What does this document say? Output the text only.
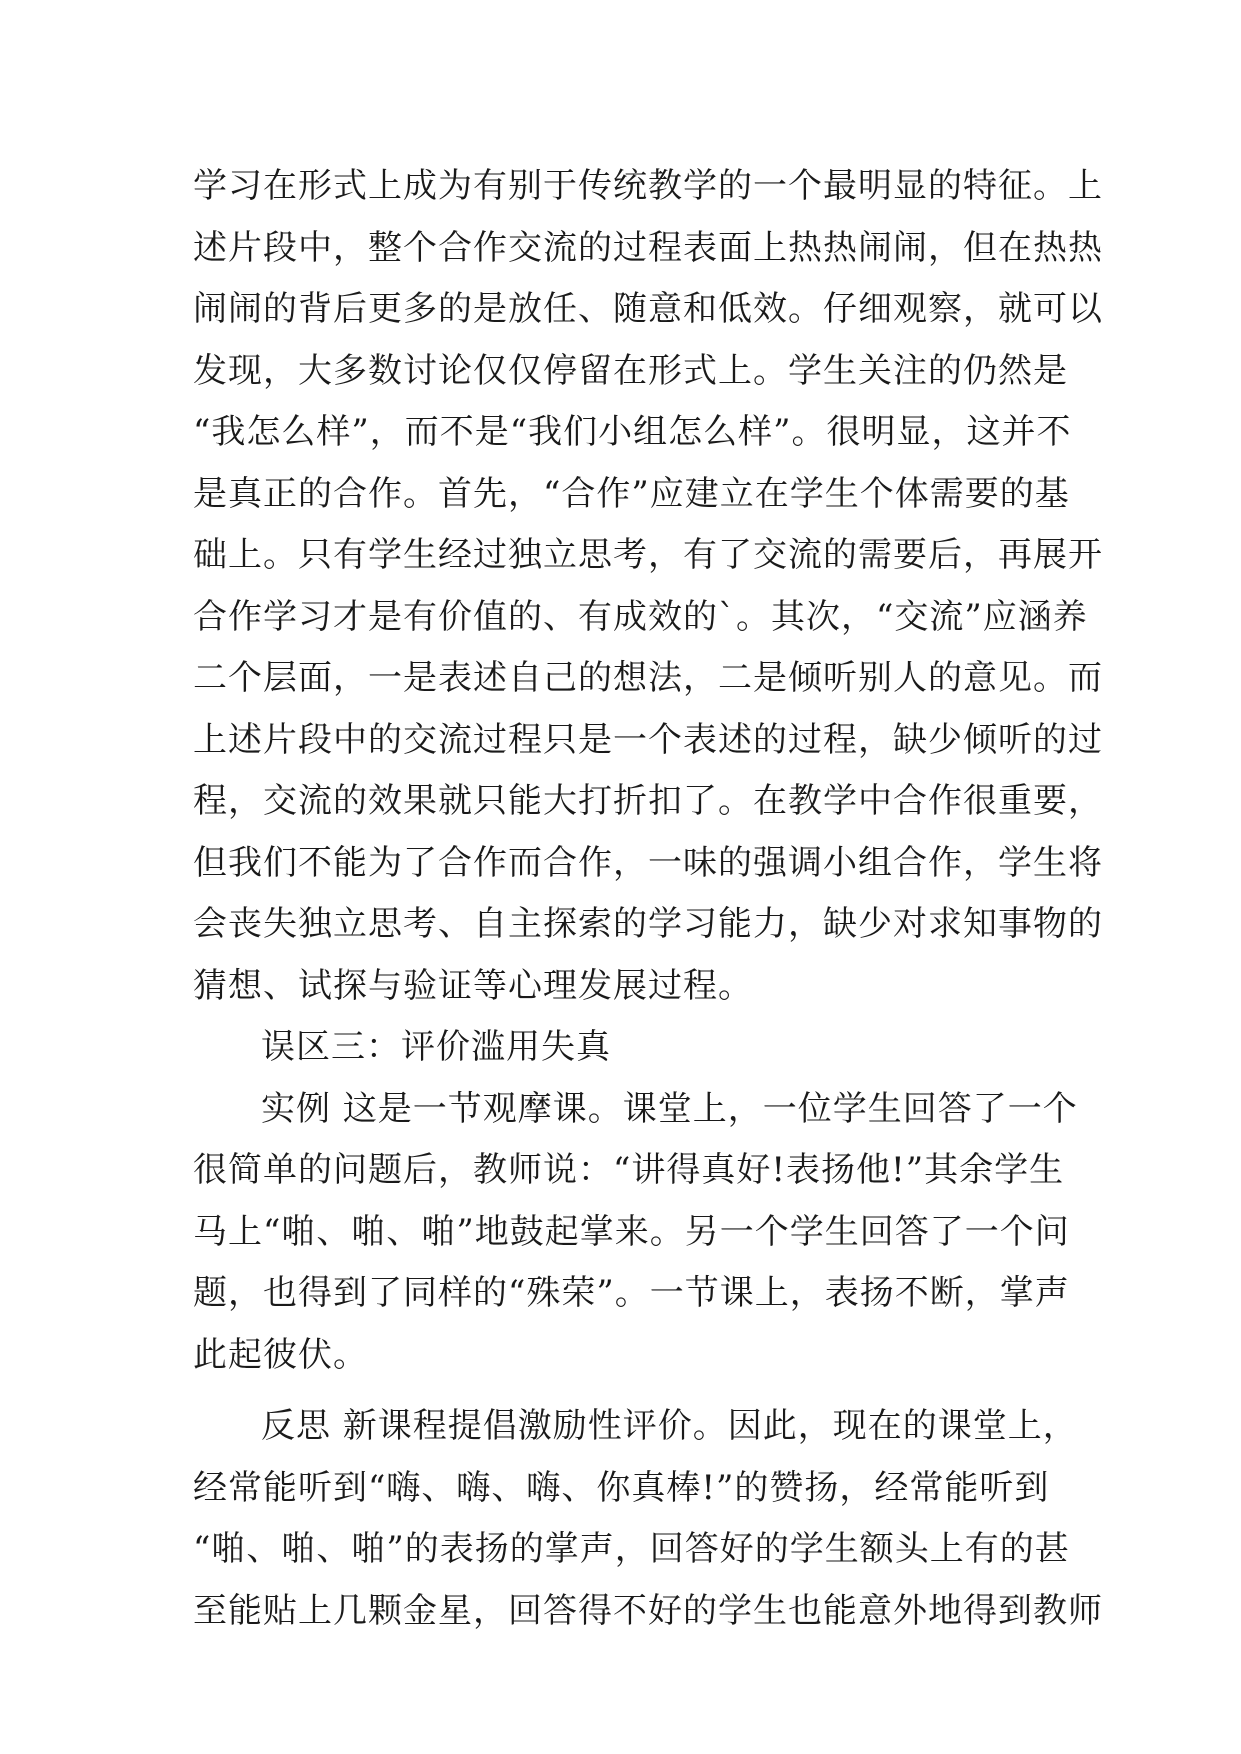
学习在形式上成为有别于传统教学的一个最明显的特征。上
述片段中，整个合作交流的过程表面上热热闹闹，但在热热
闹闹的背后更多的是放任、随意和低效。仔细观察，就可以
发现，大多数讨论仅仅停留在形式上。学生关注的仍然是
“我怎么样”，而不是“我们小组怎么样”。很明显，这并不
是真正的合作。首先，“合作”应建立在学生个体需要的基
础上。只有学生经过独立思考，有了交流的需要后，再展开
合作学习才是有价值的、有成效的`。其次，“交流”应涵养
二个层面，一是表述自己的想法，二是倾听别人的意见。而
上述片段中的交流过程只是一个表述的过程，缺少倾听的过
程，交流的效果就只能大打折扣了。在教学中合作很重要，
但我们不能为了合作而合作，一味的强调小组合作，学生将
会丧失独立思考、自主探索的学习能力，缺少对求知事物的
猜想、试探与验证等心理发展过程。
误区三：评价滥用失真
实例 这是一节观摩课。课堂上，一位学生回答了一个
很简单的问题后，教师说：“讲得真好!表扬他!”其余学生
马上“啪、啪、啪”地鼓起掌来。另一个学生回答了一个问
题，也得到了同样的“殊荣”。一节课上，表扬不断，掌声
此起彼伏。
反思 新课程提倡激励性评价。因此，现在的课堂上，
经常能听到“嗨、嗨、嗨、你真棒!”的赞扬，经常能听到
“啪、啪、啪”的表扬的掌声，回答好的学生额头上有的甚
至能贴上几颗金星，回答得不好的学生也能意外地得到教师
